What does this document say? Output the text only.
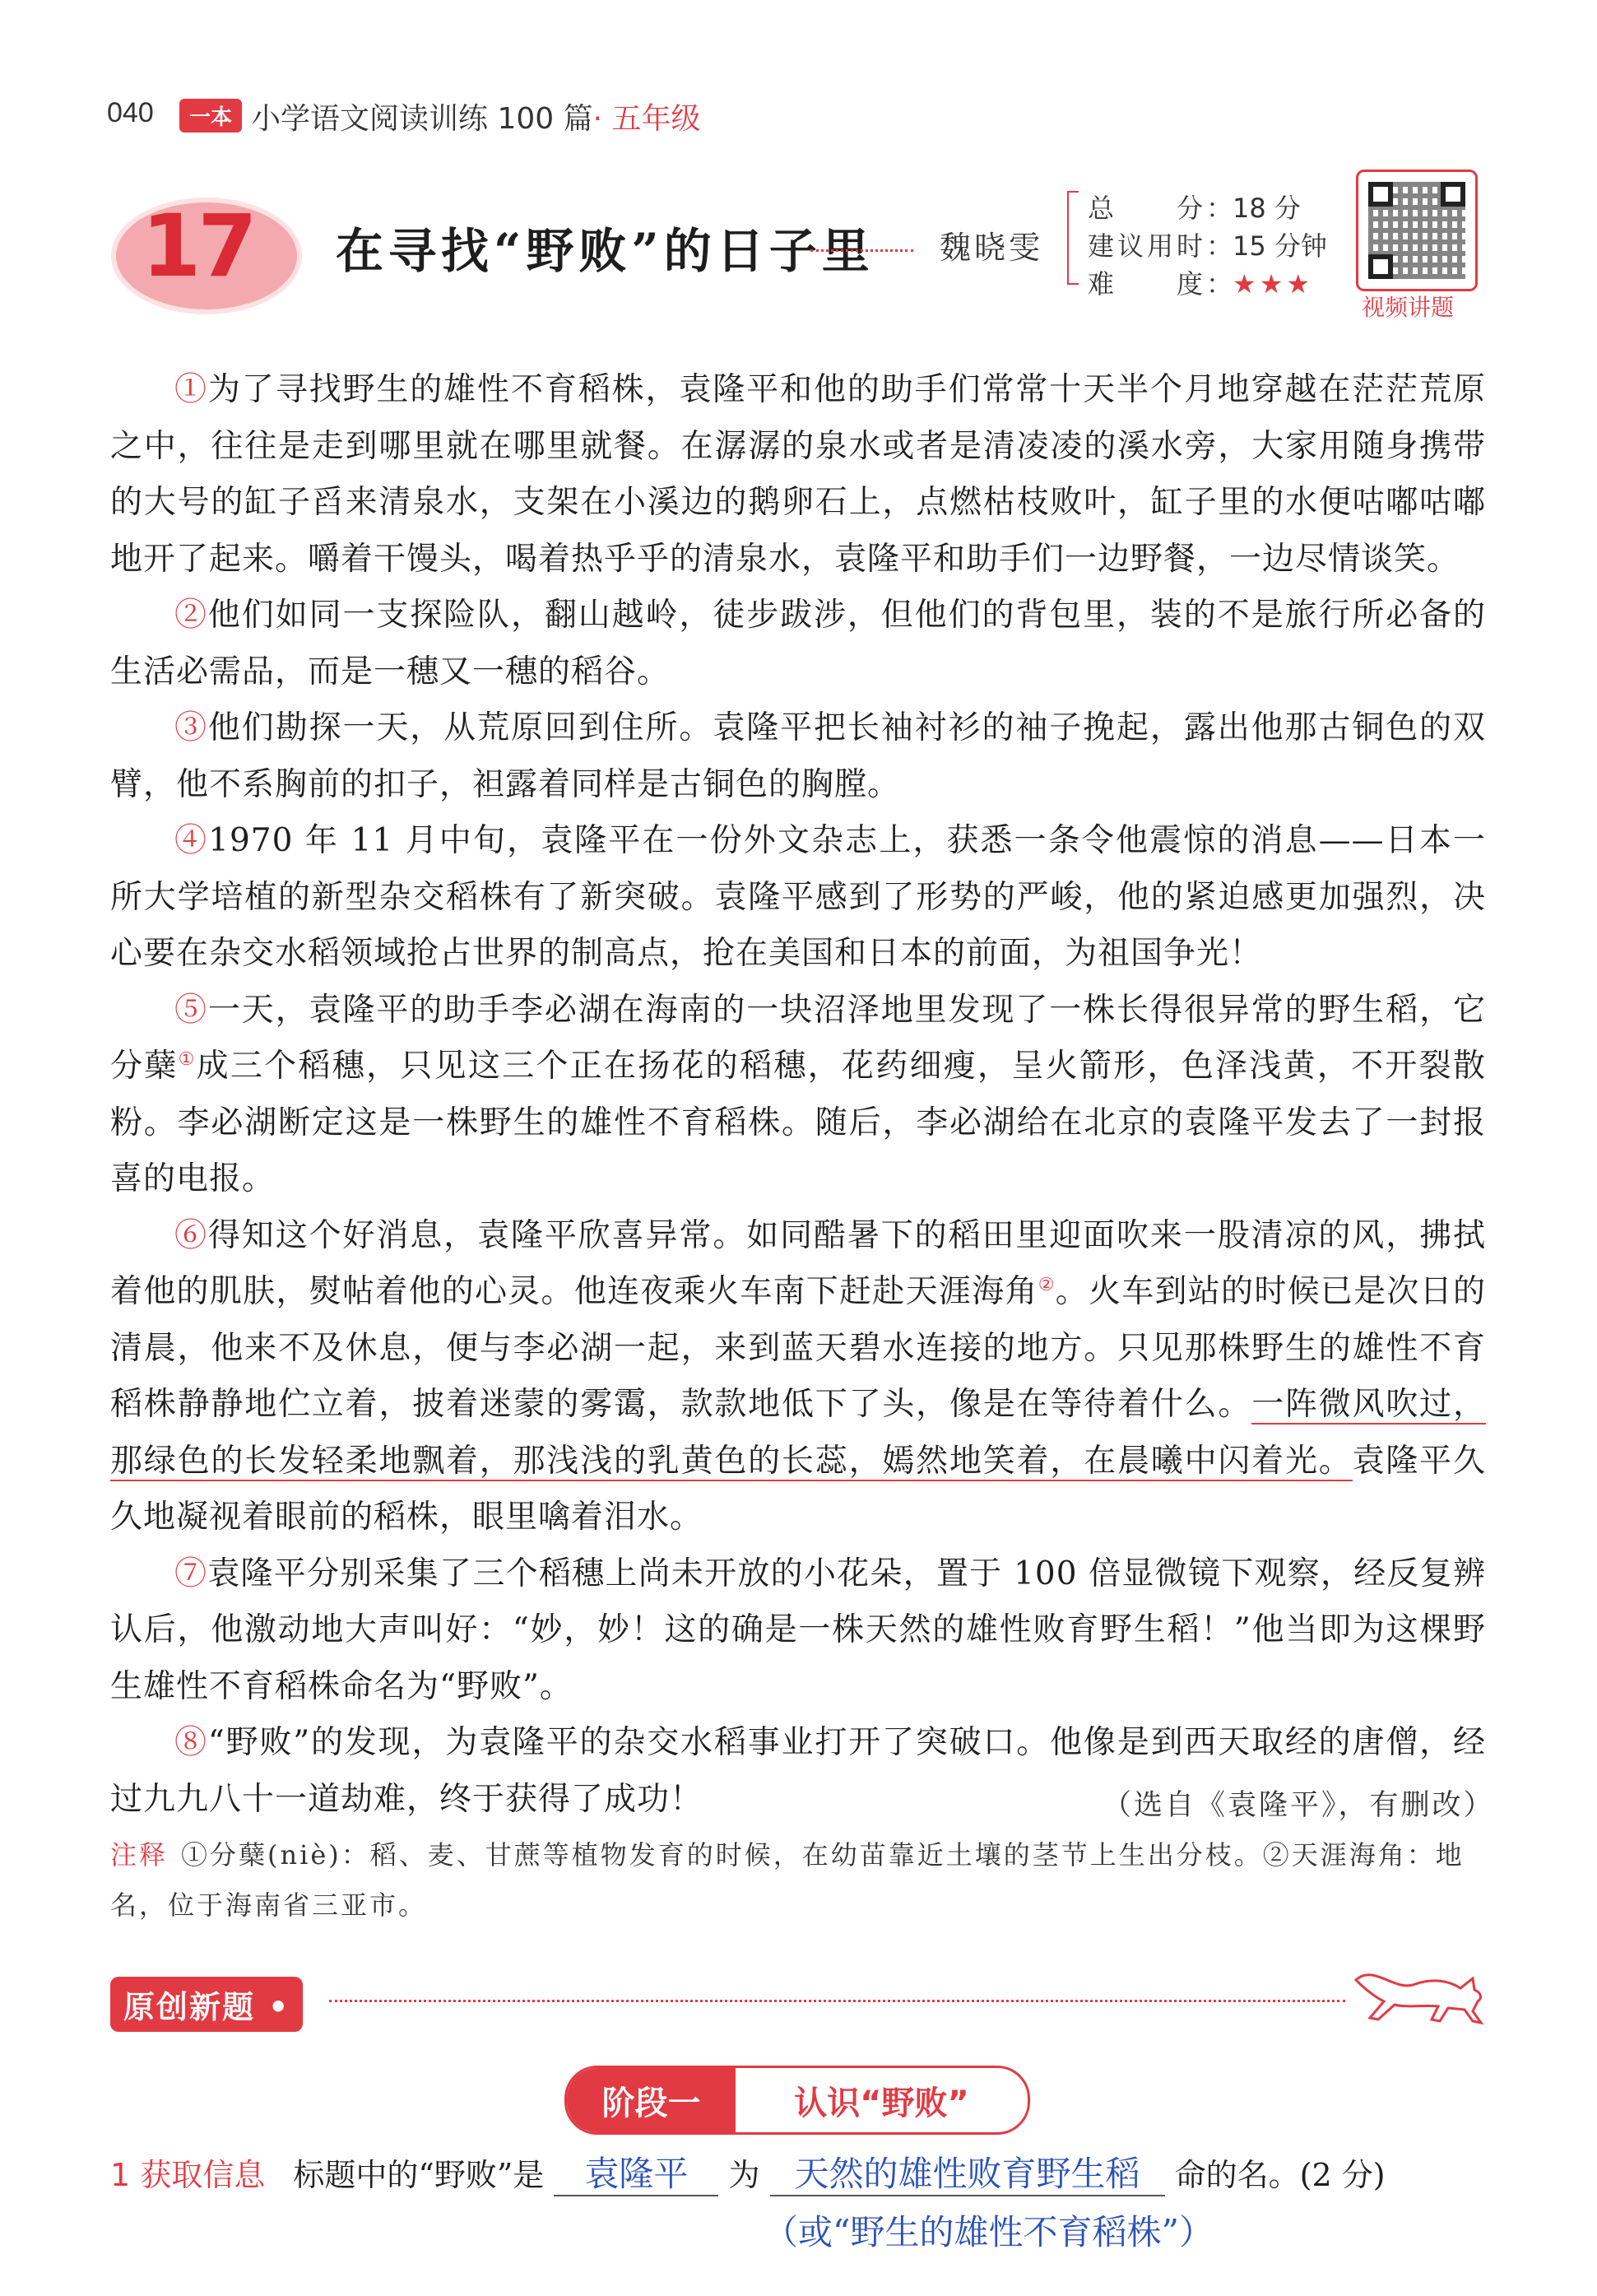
040	一本 小学语文阅读训练 100 篇· 五年级
17 在寻找“野败”的日子里 魏晓雯
总　　分：18 分
建议用时：15 分钟
难　　度：★★★
视频讲题

①为了寻找野生的雄性不育稻株，袁隆平和他的助手们常常十天半个月地穿越在茫茫荒原之中，往往是走到哪里就在哪里就餐。在潺潺的泉水或者是清凌凌的溪水旁，大家用随身携带的大号的缸子舀来清泉水，支架在小溪边的鹅卵石上，点燃枯枝败叶，缸子里的水便咕嘟咕嘟地开了起来。嚼着干馒头，喝着热乎乎的清泉水，袁隆平和助手们一边野餐，一边尽情谈笑。

②他们如同一支探险队，翻山越岭，徒步跋涉，但他们的背包里，装的不是旅行所必备的生活必需品，而是一穗又一穗的稻谷。

③他们勘探一天，从荒原回到住所。袁隆平把长袖衬衫的袖子挽起，露出他那古铜色的双臂，他不系胸前的扣子，袒露着同样是古铜色的胸膛。

④1970 年 11 月中旬，袁隆平在一份外文杂志上，获悉一条令他震惊的消息——日本一所大学培植的新型杂交稻株有了新突破。袁隆平感到了形势的严峻，他的紧迫感更加强烈，决心要在杂交水稻领域抢占世界的制高点，抢在美国和日本的前面，为祖国争光！

⑤一天，袁隆平的助手李必湖在海南的一块沼泽地里发现了一株长得很异常的野生稻，它分蘖①成三个稻穗，只见这三个正在扬花的稻穗，花药细瘦，呈火箭形，色泽浅黄，不开裂散粉。李必湖断定这是一株野生的雄性不育稻株。随后，李必湖给在北京的袁隆平发去了一封报喜的电报。

⑥得知这个好消息，袁隆平欣喜异常。如同酷暑下的稻田里迎面吹来一股清凉的风，拂拭着他的肌肤，熨帖着他的心灵。他连夜乘火车南下赶赴天涯海角②。火车到站的时候已是次日的清晨，他来不及休息，便与李必湖一起，来到蓝天碧水连接的地方。只见那株野生的雄性不育稻株静静地伫立着，披着迷蒙的雾霭，款款地低下了头，像是在等待着什么。一阵微风吹过，那绿色的长发轻柔地飘着，那浅浅的乳黄色的长蕊，嫣然地笑着，在晨曦中闪着光。袁隆平久久地凝视着眼前的稻株，眼里噙着泪水。

⑦袁隆平分别采集了三个稻穗上尚未开放的小花朵，置于 100 倍显微镜下观察，经反复辨认后，他激动地大声叫好：“妙，妙！这的确是一株天然的雄性败育野生稻！”他当即为这棵野生雄性不育稻株命名为“野败”。

⑧“野败”的发现，为袁隆平的杂交水稻事业打开了突破口。他像是到西天取经的唐僧，经过九九八十一道劫难，终于获得了成功！	（选自《袁隆平》，有删改）
注释 ①分蘖(niè)：稻、麦、甘蔗等植物发育的时候，在幼苗靠近土壤的茎节上生出分枝。②天涯海角：地名，位于海南省三亚市。
原创新题 •
阶段一	认识“野败”
1 获取信息 标题中的“野败”是 袁隆平 为 天然的雄性败育野生稻 命的名。(2 分)
（或“野生的雄性不育稻株”）
